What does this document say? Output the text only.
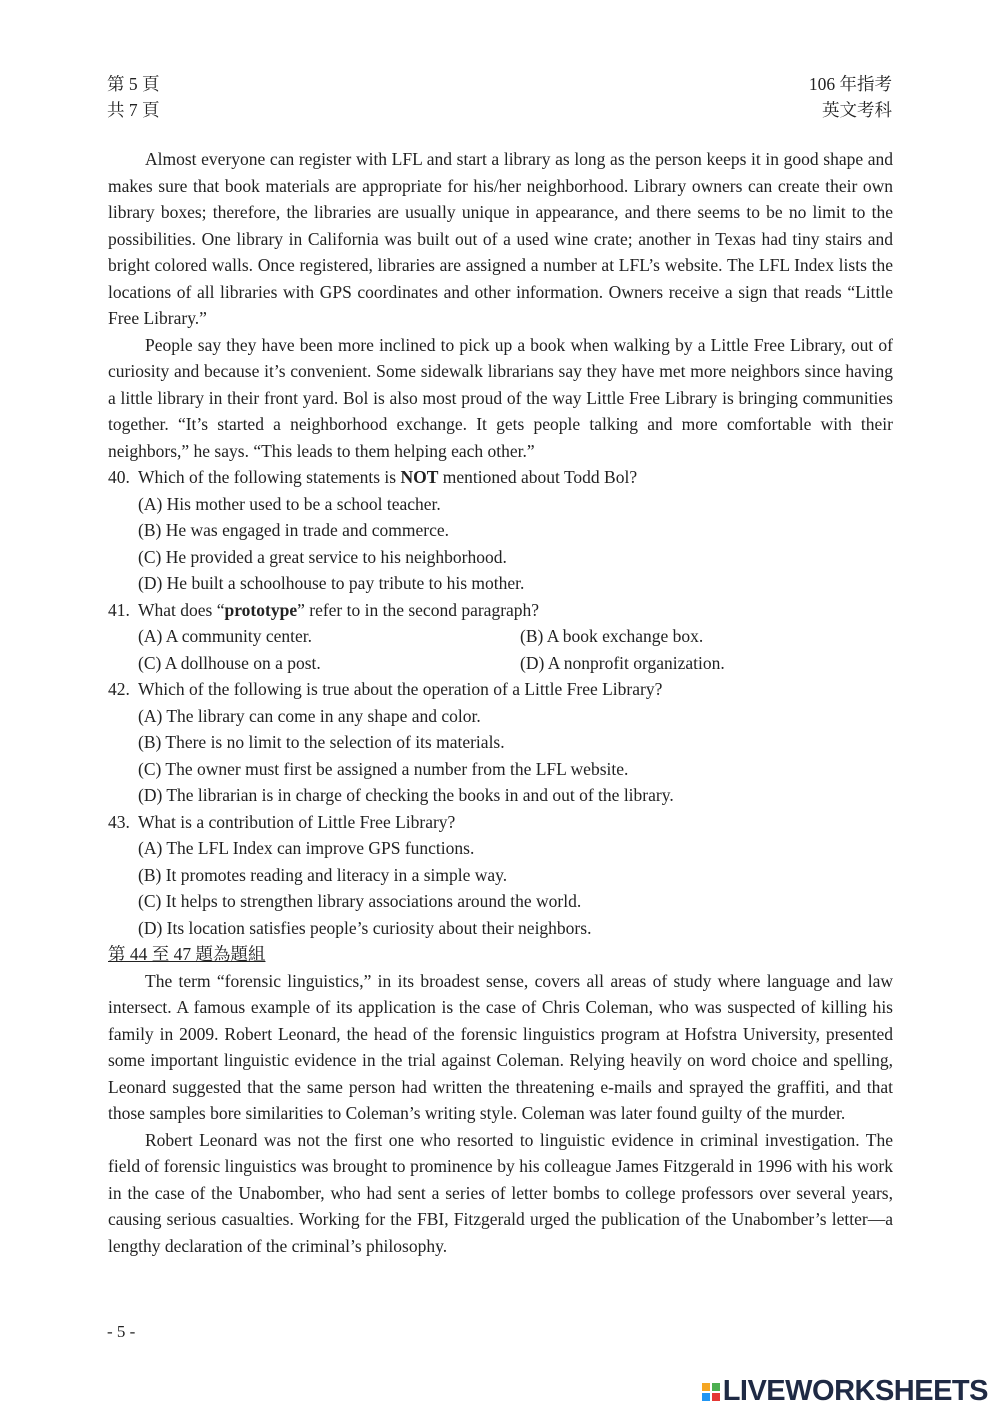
第 5 頁
共 7 頁
106 年指考
英文考科

Almost everyone can register with LFL and start a library as long as the person keeps it in good shape and makes sure that book materials are appropriate for his/her neighborhood. Library owners can create their own library boxes; therefore, the libraries are usually unique in appearance, and there seems to be no limit to the possibilities. One library in California was built out of a used wine crate; another in Texas had tiny stairs and bright colored walls. Once registered, libraries are assigned a number at LFL’s website. The LFL Index lists the locations of all libraries with GPS coordinates and other information. Owners receive a sign that reads “Little Free Library.”

People say they have been more inclined to pick up a book when walking by a Little Free Library, out of curiosity and because it’s convenient. Some sidewalk librarians say they have met more neighbors since having a little library in their front yard. Bol is also most proud of the way Little Free Library is bringing communities together. “It’s started a neighborhood exchange. It gets people talking and more comfortable with their neighbors,” he says. “This leads to them helping each other.”

40. Which of the following statements is NOT mentioned about Todd Bol?
(A) His mother used to be a school teacher.
(B) He was engaged in trade and commerce.
(C) He provided a great service to his neighborhood.
(D) He built a schoolhouse to pay tribute to his mother.
41. What does “prototype” refer to in the second paragraph?
(A) A community center.	(B) A book exchange box.
(C) A dollhouse on a post.	(D) A nonprofit organization.
42. Which of the following is true about the operation of a Little Free Library?
(A) The library can come in any shape and color.
(B) There is no limit to the selection of its materials.
(C) The owner must first be assigned a number from the LFL website.
(D) The librarian is in charge of checking the books in and out of the library.
43. What is a contribution of Little Free Library?
(A) The LFL Index can improve GPS functions.
(B) It promotes reading and literacy in a simple way.
(C) It helps to strengthen library associations around the world.
(D) Its location satisfies people’s curiosity about their neighbors.
第 44 至 47 題為題組

The term “forensic linguistics,” in its broadest sense, covers all areas of study where language and law intersect. A famous example of its application is the case of Chris Coleman, who was suspected of killing his family in 2009. Robert Leonard, the head of the forensic linguistics program at Hofstra University, presented some important linguistic evidence in the trial against Coleman. Relying heavily on word choice and spelling, Leonard suggested that the same person had written the threatening e-mails and sprayed the graffiti, and that those samples bore similarities to Coleman’s writing style. Coleman was later found guilty of the murder.

Robert Leonard was not the first one who resorted to linguistic evidence in criminal investigation. The field of forensic linguistics was brought to prominence by his colleague James Fitzgerald in 1996 with his work in the case of the Unabomber, who had sent a series of letter bombs to college professors over several years, causing serious casualties. Working for the FBI, Fitzgerald urged the publication of the Unabomber’s letter—a lengthy declaration of the criminal’s philosophy.

- 5 -
LIVEWORKSHEETS
